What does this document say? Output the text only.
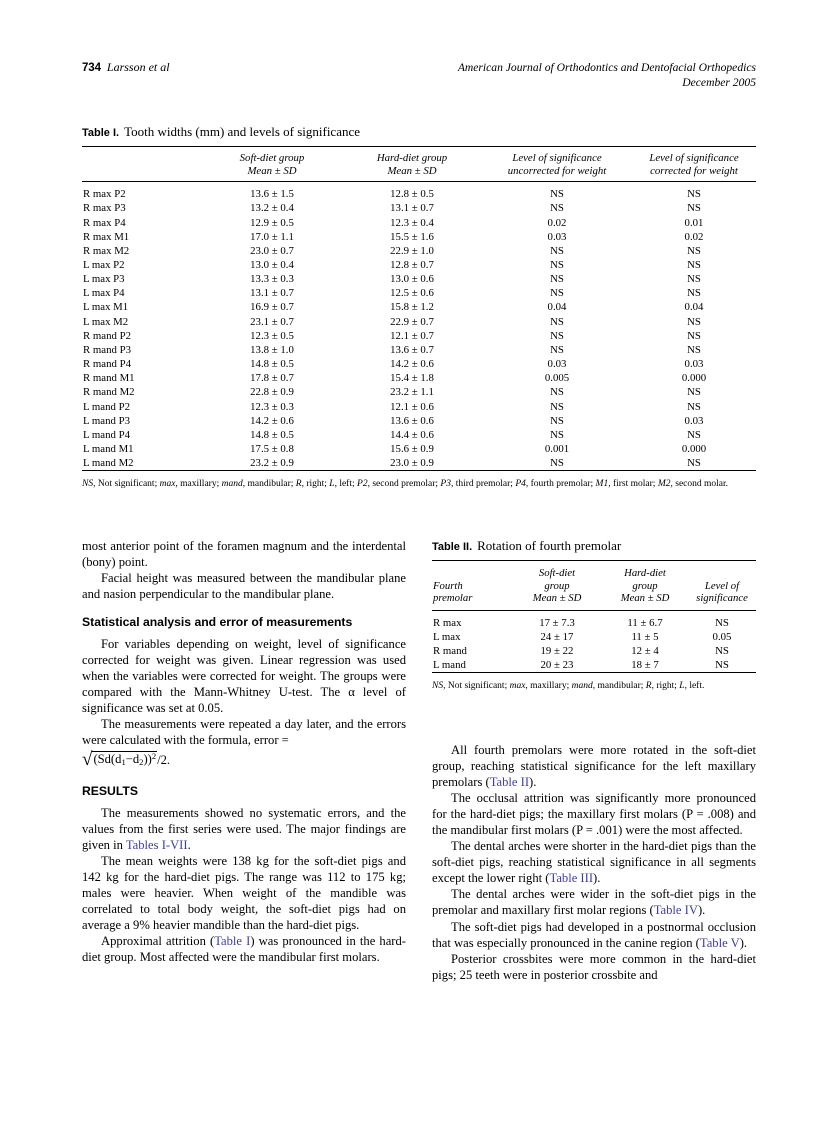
734 Larsson et al	American Journal of Orthodontics and Dentofacial Orthopedics
December 2005
Table I. Tooth widths (mm) and levels of significance

Soft-diet group
Mean ± SD

Hard-diet group
Mean ± SD

Level of significance
uncorrected for weight

Level of significance
corrected for weight

R max P2	13.6 ± 1.5	12.8 ± 0.5	NS	NS
R max P3	13.2 ± 0.4	13.1 ± 0.7	NS	NS
R max P4	12.9 ± 0.5	12.3 ± 0.4	0.02	0.01
R max M1	17.0 ± 1.1	15.5 ± 1.6	0.03	0.02
R max M2	23.0 ± 0.7	22.9 ± 1.0	NS	NS
L max P2	13.0 ± 0.4	12.8 ± 0.7	NS	NS
L max P3	13.3 ± 0.3	13.0 ± 0.6	NS	NS
L max P4	13.1 ± 0.7	12.5 ± 0.6	NS	NS
L max M1	16.9 ± 0.7	15.8 ± 1.2	0.04	0.04
L max M2	23.1 ± 0.7	22.9 ± 0.7	NS	NS
R mand P2	12.3 ± 0.5	12.1 ± 0.7	NS	NS
R mand P3	13.8 ± 1.0	13.6 ± 0.7	NS	NS
R mand P4	14.8 ± 0.5	14.2 ± 0.6	0.03	0.03
R mand M1	17.8 ± 0.7	15.4 ± 1.8	0.005	0.000
R mand M2	22.8 ± 0.9	23.2 ± 1.1	NS	NS
L mand P2	12.3 ± 0.3	12.1 ± 0.6	NS	NS
L mand P3	14.2 ± 0.6	13.6 ± 0.6	NS	0.03
L mand P4	14.8 ± 0.5	14.4 ± 0.6	NS	NS
L mand M1	17.5 ± 0.8	15.6 ± 0.9	0.001	0.000
L mand M2	23.2 ± 0.9	23.0 ± 0.9	NS	NS

NS, Not significant; max, maxillary; mand, mandibular; R, right; L, left; P2, second premolar; P3, third premolar; P4, fourth premolar; M1, first molar; M2, second molar.

most anterior point of the foramen magnum and the interdental (bony) point.

Facial height was measured between the mandibular plane and nasion perpendicular to the mandibular plane.

Statistical analysis and error of measurements

For variables depending on weight, level of significance corrected for weight was given. Linear regression was used when the variables were corrected for weight. The groups were compared with the Mann-Whitney U-test. The α level of significance was set at 0.05.

The measurements were repeated a day later, and the errors were calculated with the formula, error =

$√(Sd(d_1-d_2))^2/2$.
RESULTS

The measurements showed no systematic errors, and the values from the first series were used. The major findings are given in Tables I-VII.

The mean weights were 138 kg for the soft-diet pigs and 142 kg for the hard-diet pigs. The range was 112 to 175 kg; males were heavier. When weight of the mandible was correlated to total body weight, the soft-diet pigs had on average a 9% heavier mandible than the hard-diet pigs.

Approximal attrition (Table I) was pronounced in the hard-diet group. Most affected were the mandibular first molars.

Table II. Rotation of fourth premolar

Fourth
premolar

Soft-diet
group
Mean ± SD

Hard-diet
group
Mean ± SD

Level of
significance

R max	17 ± 7.3	11 ± 6.7	NS
L max	24 ± 17	11 ± 5	0.05
R mand	19 ± 22	12 ± 4	NS
L mand	20 ± 23	18 ± 7	NS

NS, Not significant; max, maxillary; mand, mandibular; R, right; L, left.

All fourth premolars were more rotated in the soft-diet group, reaching statistical significance for the left maxillary premolars (Table II).

The occlusal attrition was significantly more pronounced for the hard-diet pigs; the maxillary first molars (P = .008) and the mandibular first molars (P = .001) were the most affected.

The dental arches were shorter in the hard-diet pigs than the soft-diet pigs, reaching statistical significance in all segments except the lower right (Table III).

The dental arches were wider in the soft-diet pigs in the premolar and maxillary first molar regions (Table IV).

The soft-diet pigs had developed in a postnormal occlusion that was especially pronounced in the canine region (Table V).

Posterior crossbites were more common in the hard-diet pigs; 25 teeth were in posterior crossbite and
